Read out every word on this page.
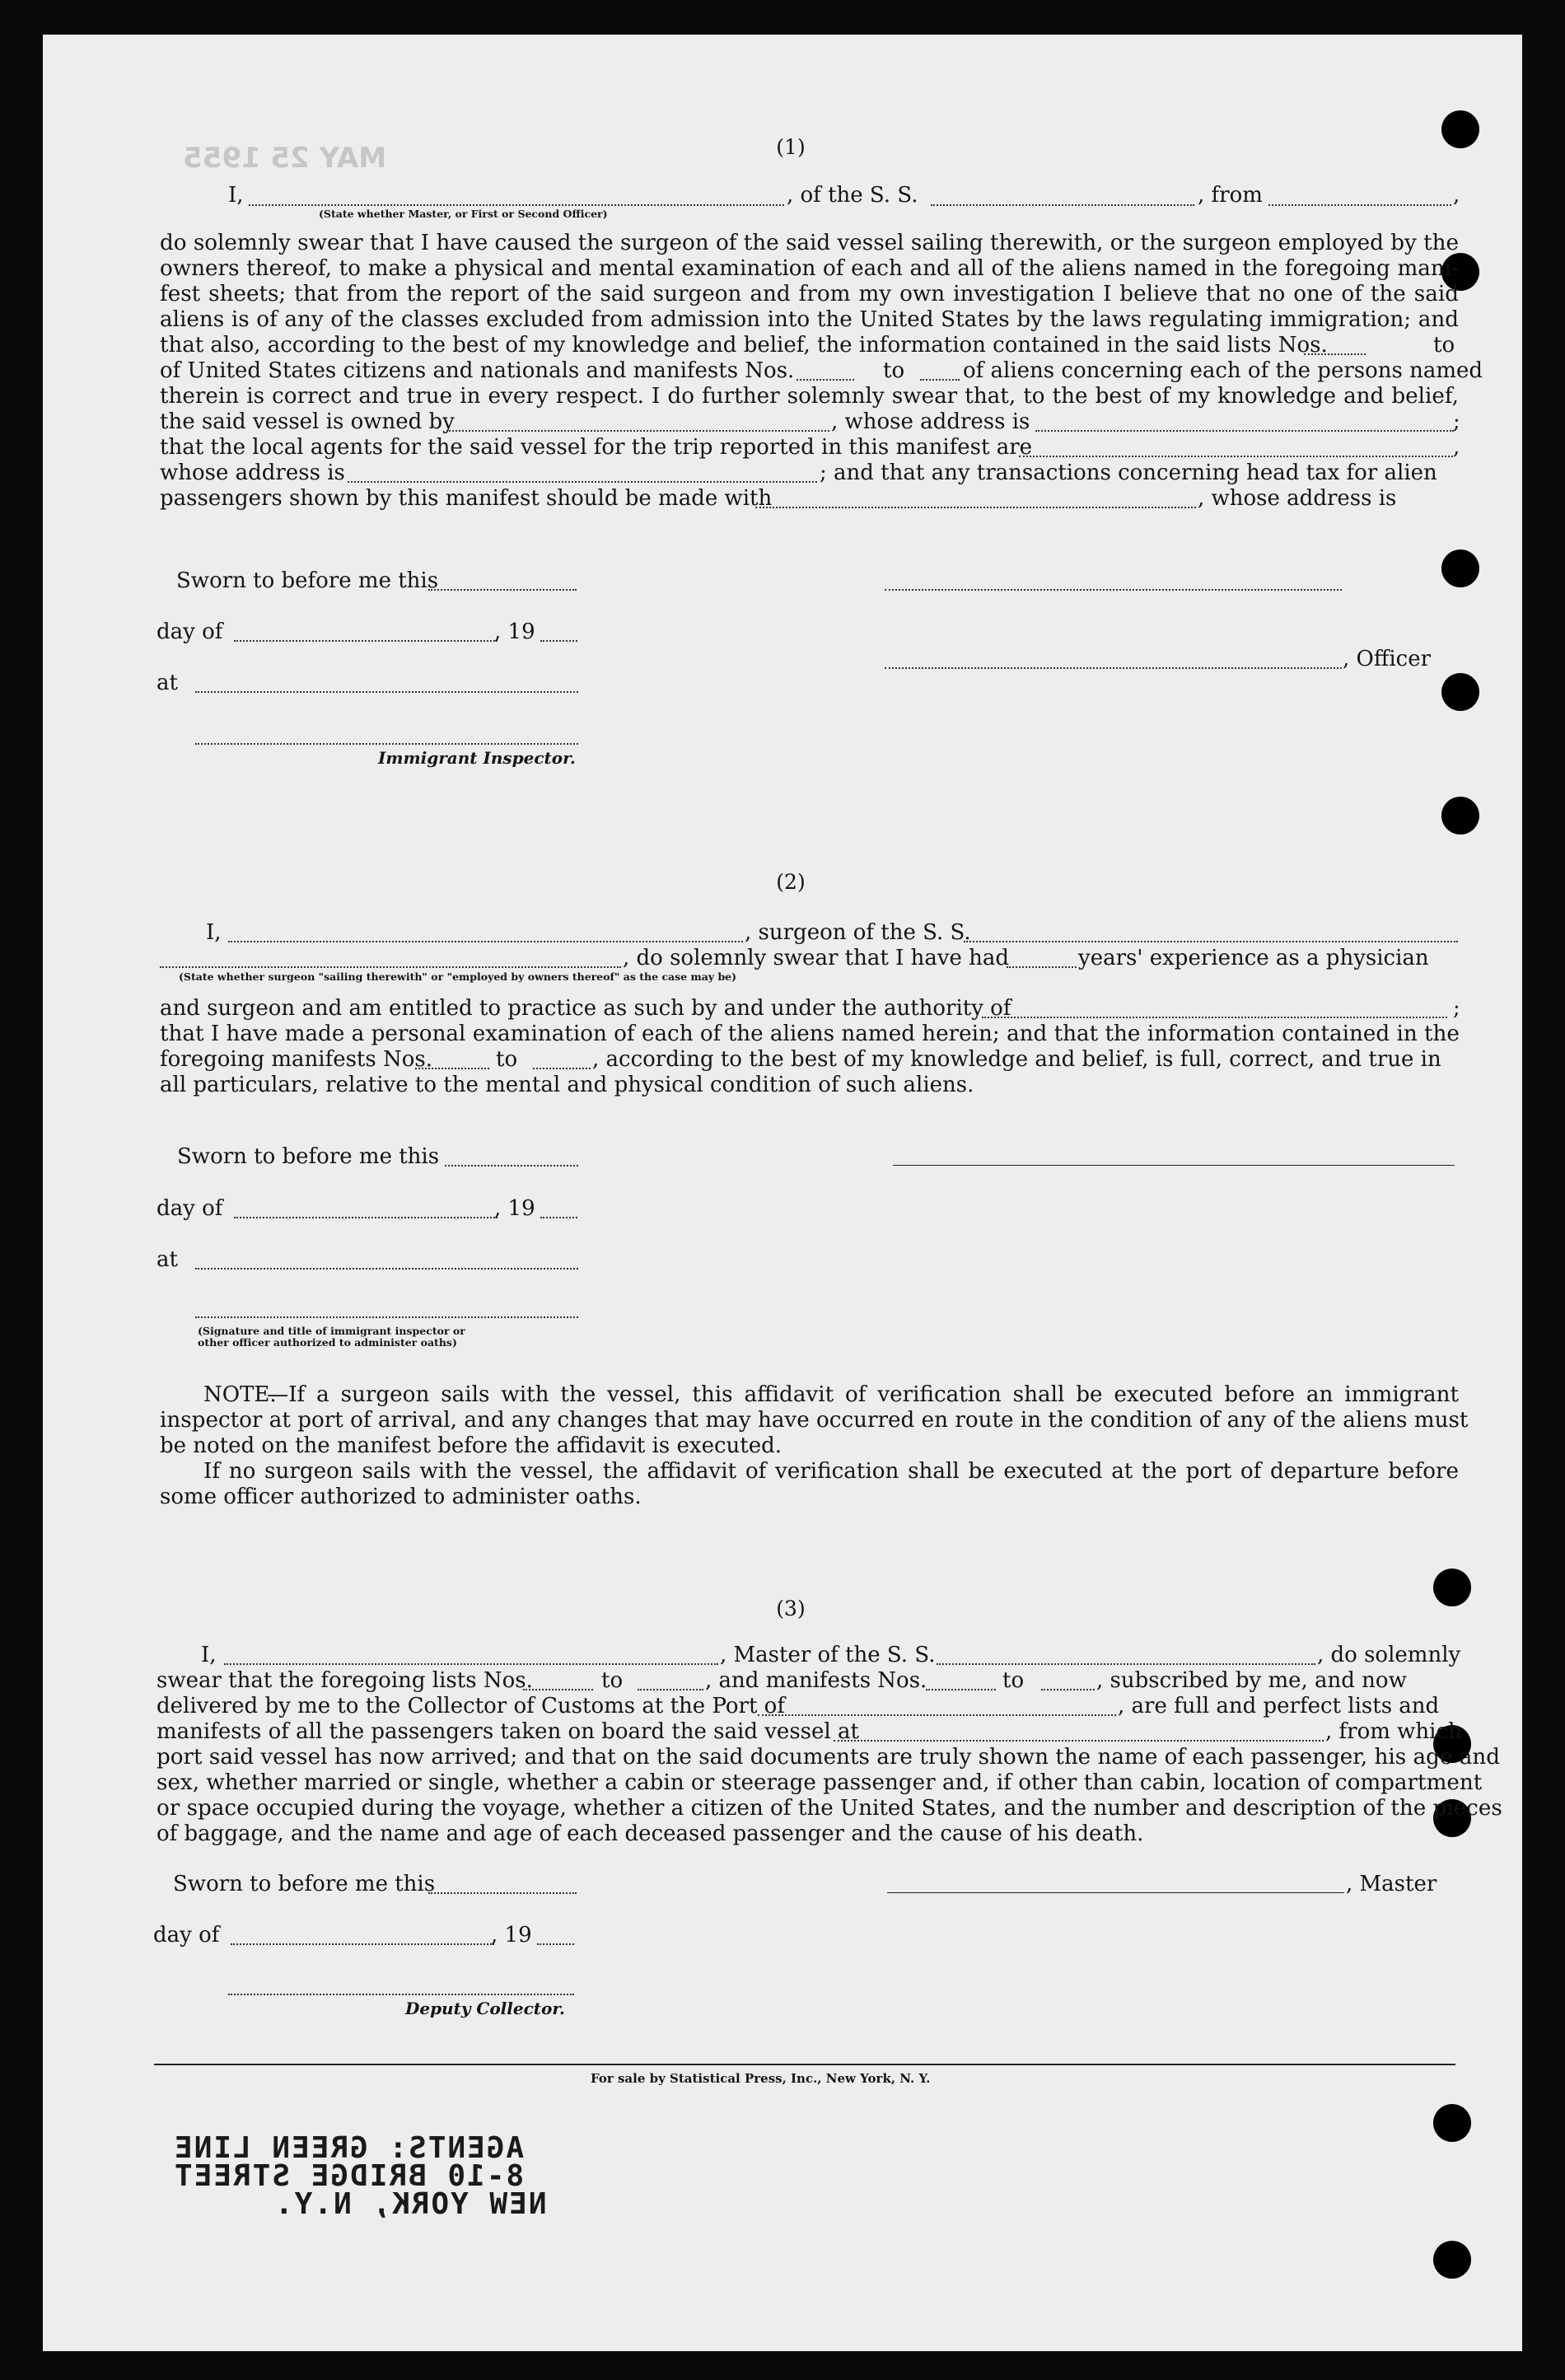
MAY 25 1955	(1)
I,	, of the S. S.	, from	,
(State whether Master, or First or Second Officer)
do solemnly swear that I have caused the surgeon of the said vessel sailing therewith, or the surgeon employed by the
owners thereof, to make a physical and mental examination of each and all of the aliens named in the foregoing mani-
fest sheets; that from the report of the said surgeon and from my own investigation I believe that no one of the said
aliens is of any of the classes excluded from admission into the United States by the laws regulating immigration; and
that also, according to the best of my knowledge and belief, the information contained in the said lists Nos.	to
of United States citizens and nationals and manifests Nos.	to	of aliens concerning each of the persons named
therein is correct and true in every respect. I do further solemnly swear that, to the best of my knowledge and belief,
the said vessel is owned by	, whose address is	;
that the local agents for the said vessel for the trip reported in this manifest are	,
whose address is	; and that any transactions concerning head tax for alien
passengers shown by this manifest should be made with	, whose address is
Sworn to before me this
day of	, 19
, Officer
at
Immigrant Inspector.
(2)
I,	, surgeon of the S. S.
, do solemnly swear that I have had	years' experience as a physician
(State whether surgeon "sailing therewith" or "employed by owners thereof" as the case may be)
and surgeon and am entitled to practice as such by and under the authority of	;
that I have made a personal examination of each of the aliens named herein; and that the information contained in the
foregoing manifests Nos.	to	, according to the best of my knowledge and belief, is full, correct, and true in
all particulars, relative to the mental and physical condition of such aliens.
Sworn to before me this
day of	, 19
at
(Signature and title of immigrant inspector or
other officer authorized to administer oaths)
NOTE.
—If a surgeon sails with the vessel, this affidavit of verification shall be executed before an immigrant
inspector at port of arrival, and any changes that may have occurred en route in the condition of any of the aliens must
be noted on the manifest before the affidavit is executed.
If no surgeon sails with the vessel, the affidavit of verification shall be executed at the port of departure before
some officer authorized to administer oaths.
(3)
I,	, Master of the S. S.	, do solemnly
swear that the foregoing lists Nos.	to	, and manifests Nos.	to	, subscribed by me, and now
delivered by me to the Collector of Customs at the Port of	, are full and perfect lists and
manifests of all the passengers taken on board the said vessel at	, from which
port said vessel has now arrived; and that on the said documents are truly shown the name of each passenger, his age and
sex, whether married or single, whether a cabin or steerage passenger and, if other than cabin, location of compartment
or space occupied during the voyage, whether a citizen of the United States, and the number and description of the pieces
of baggage, and the name and age of each deceased passenger and the cause of his death.
Sworn to before me this	, Master
day of	, 19
Deputy Collector.
For sale by Statistical Press, Inc., New York, N. Y.
AGENTS: GREEN LINE
8-10 BRIDGE STREET
NEW YORK, N.Y.
